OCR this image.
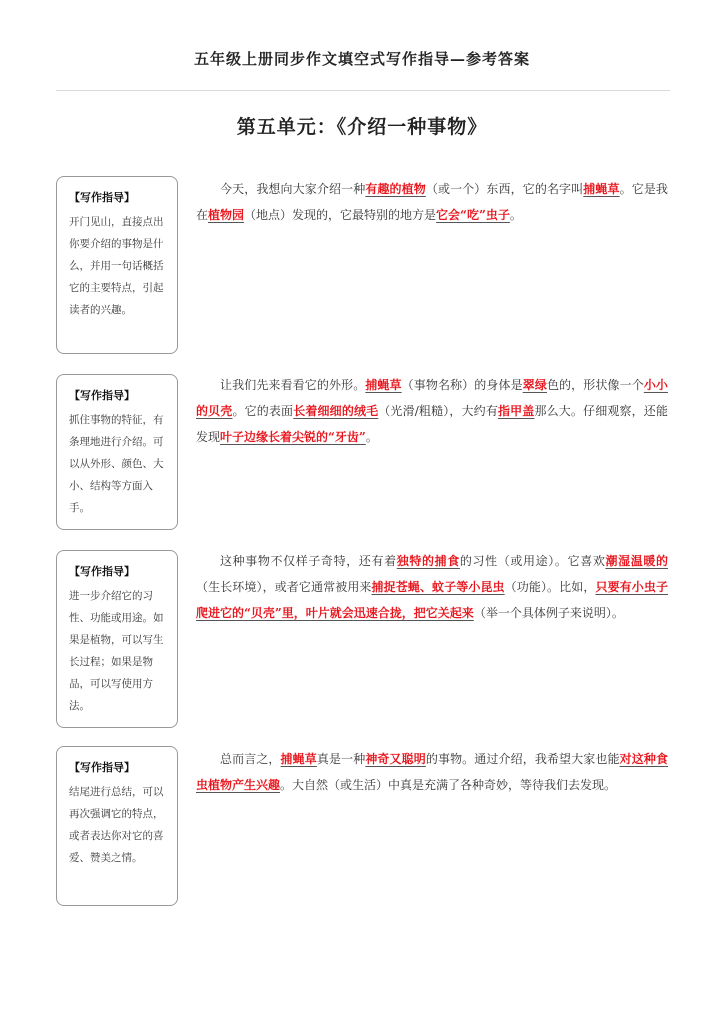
五年级上册同步作文填空式写作指导—参考答案
第五单元：《介绍一种事物》
【写作指导】
开门见山，直接点出你要介绍的事物是什么，并用一句话概括它的主要特点，引起读者的兴趣。
今天，我想向大家介绍一种有趣的植物（或一个）东西，它的名字叫捕蝇草。它是我在植物园（地点）发现的，它最特别的地方是它会“吃”虫子。
【写作指导】
抓住事物的特征，有条理地进行介绍。可以从外形、颜色、大小、结构等方面入手。
让我们先来看看它的外形。捕蝇草（事物名称）的身体是翠绿色的，形状像一个小小的贝壳。它的表面长着细细的绒毛（光滑/粗糙），大约有指甲盖那么大。仔细观察，还能发现叶子边缘长着尖锐的“牙齿”。
【写作指导】
进一步介绍它的习性、功能或用途。如果是植物，可以写生长过程；如果是物品，可以写使用方法。
这种事物不仅样子奇特，还有着独特的捕食的习性（或用途）。它喜欢潮湿温暖的（生长环境），或者它通常被用来捕捉苍蝇、蚊子等小昆虫（功能）。比如，只要有小虫子爬进它的“贝壳”里，叶片就会迅速合拢，把它关起来（举一个具体例子来说明）。
【写作指导】
结尾进行总结，可以再次强调它的特点，或者表达你对它的喜爱、赞美之情。
总而言之，捕蝇草真是一种神奇又聪明的事物。通过介绍，我希望大家也能对这种食虫植物产生兴趣。大自然（或生活）中真是充满了各种奇妙，等待我们去发现。
